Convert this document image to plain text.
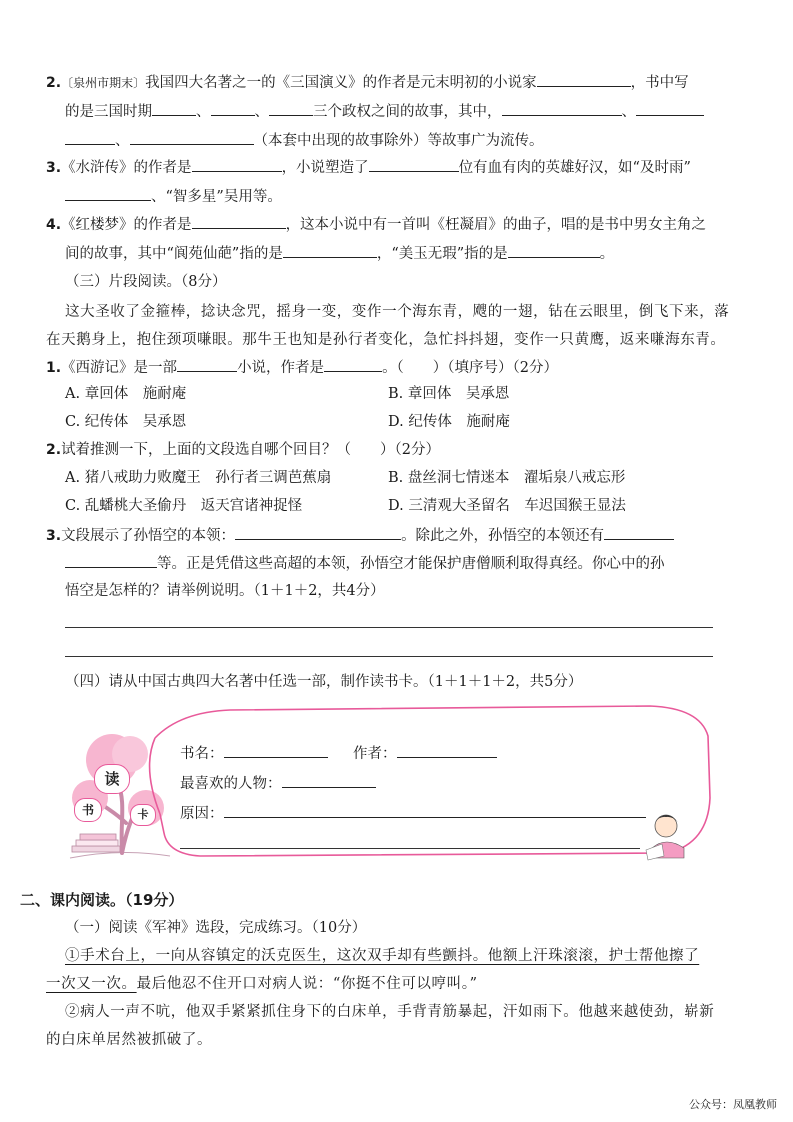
2.〔泉州市期末〕我国四大名著之一的《三国演义》的作者是元末明初的小说家	，书中写
的是三国时期	、	、	三个政权之间的故事，其中，	、
、	（本套中出现的故事除外）等故事广为流传。
3.《水浒传》的作者是	，小说塑造了	位有血有肉的英雄好汉，如“及时雨”
、“智多星”吴用等。
4.《红楼梦》的作者是	，这本小说中有一首叫《枉凝眉》的曲子，唱的是书中男女主角之
间的故事，其中“阆苑仙葩”指的是	，“美玉无瑕”指的是	。
（三）片段阅读。（8分）
这大圣收了金箍棒，捻诀念咒，摇身一变，变作一个海东青，飕的一翅，钻在云眼里，倒飞下来，落
在天鹅身上，抱住颈项嗛眼。那牛王也知是孙行者变化，急忙抖抖翅，变作一只黄鹰，返来嗛海东青。
1.《西游记》是一部	小说，作者是	。（　　）（填序号）（2分）
A. 章回体　施耐庵	B. 章回体　吴承恩
C. 纪传体　吴承恩	D. 纪传体　施耐庵
2.试着推测一下，上面的文段选自哪个回目？（　　）（2分）
A. 猪八戒助力败魔王　孙行者三调芭蕉扇	B. 盘丝洞七情迷本　濯垢泉八戒忘形
C. 乱蟠桃大圣偷丹　返天宫诸神捉怪	D. 三清观大圣留名　车迟国猴王显法
3.文段展示了孙悟空的本领：	。除此之外，孙悟空的本领还有
等。正是凭借这些高超的本领，孙悟空才能保护唐僧顺利取得真经。你心中的孙
悟空是怎样的？请举例说明。（1＋1＋2，共4分）
（四）请从中国古典四大名著中任选一部，制作读书卡。（1＋1＋1＋2，共5分）
读
书	卡
书名：	作者：
最喜欢的人物：
原因：
二、课内阅读。（19分）
（一）阅读《军神》选段，完成练习。（10分）
①手术台上，一向从容镇定的沃克医生，这次双手却有些颤抖。他额上汗珠滚滚，护士帮他擦了
一次又一次。最后他忍不住开口对病人说：“你挺不住可以哼叫。”
②病人一声不吭，他双手紧紧抓住身下的白床单，手背青筋暴起，汗如雨下。他越来越使劲，崭新
的白床单居然被抓破了。
公众号：凤凰教师
